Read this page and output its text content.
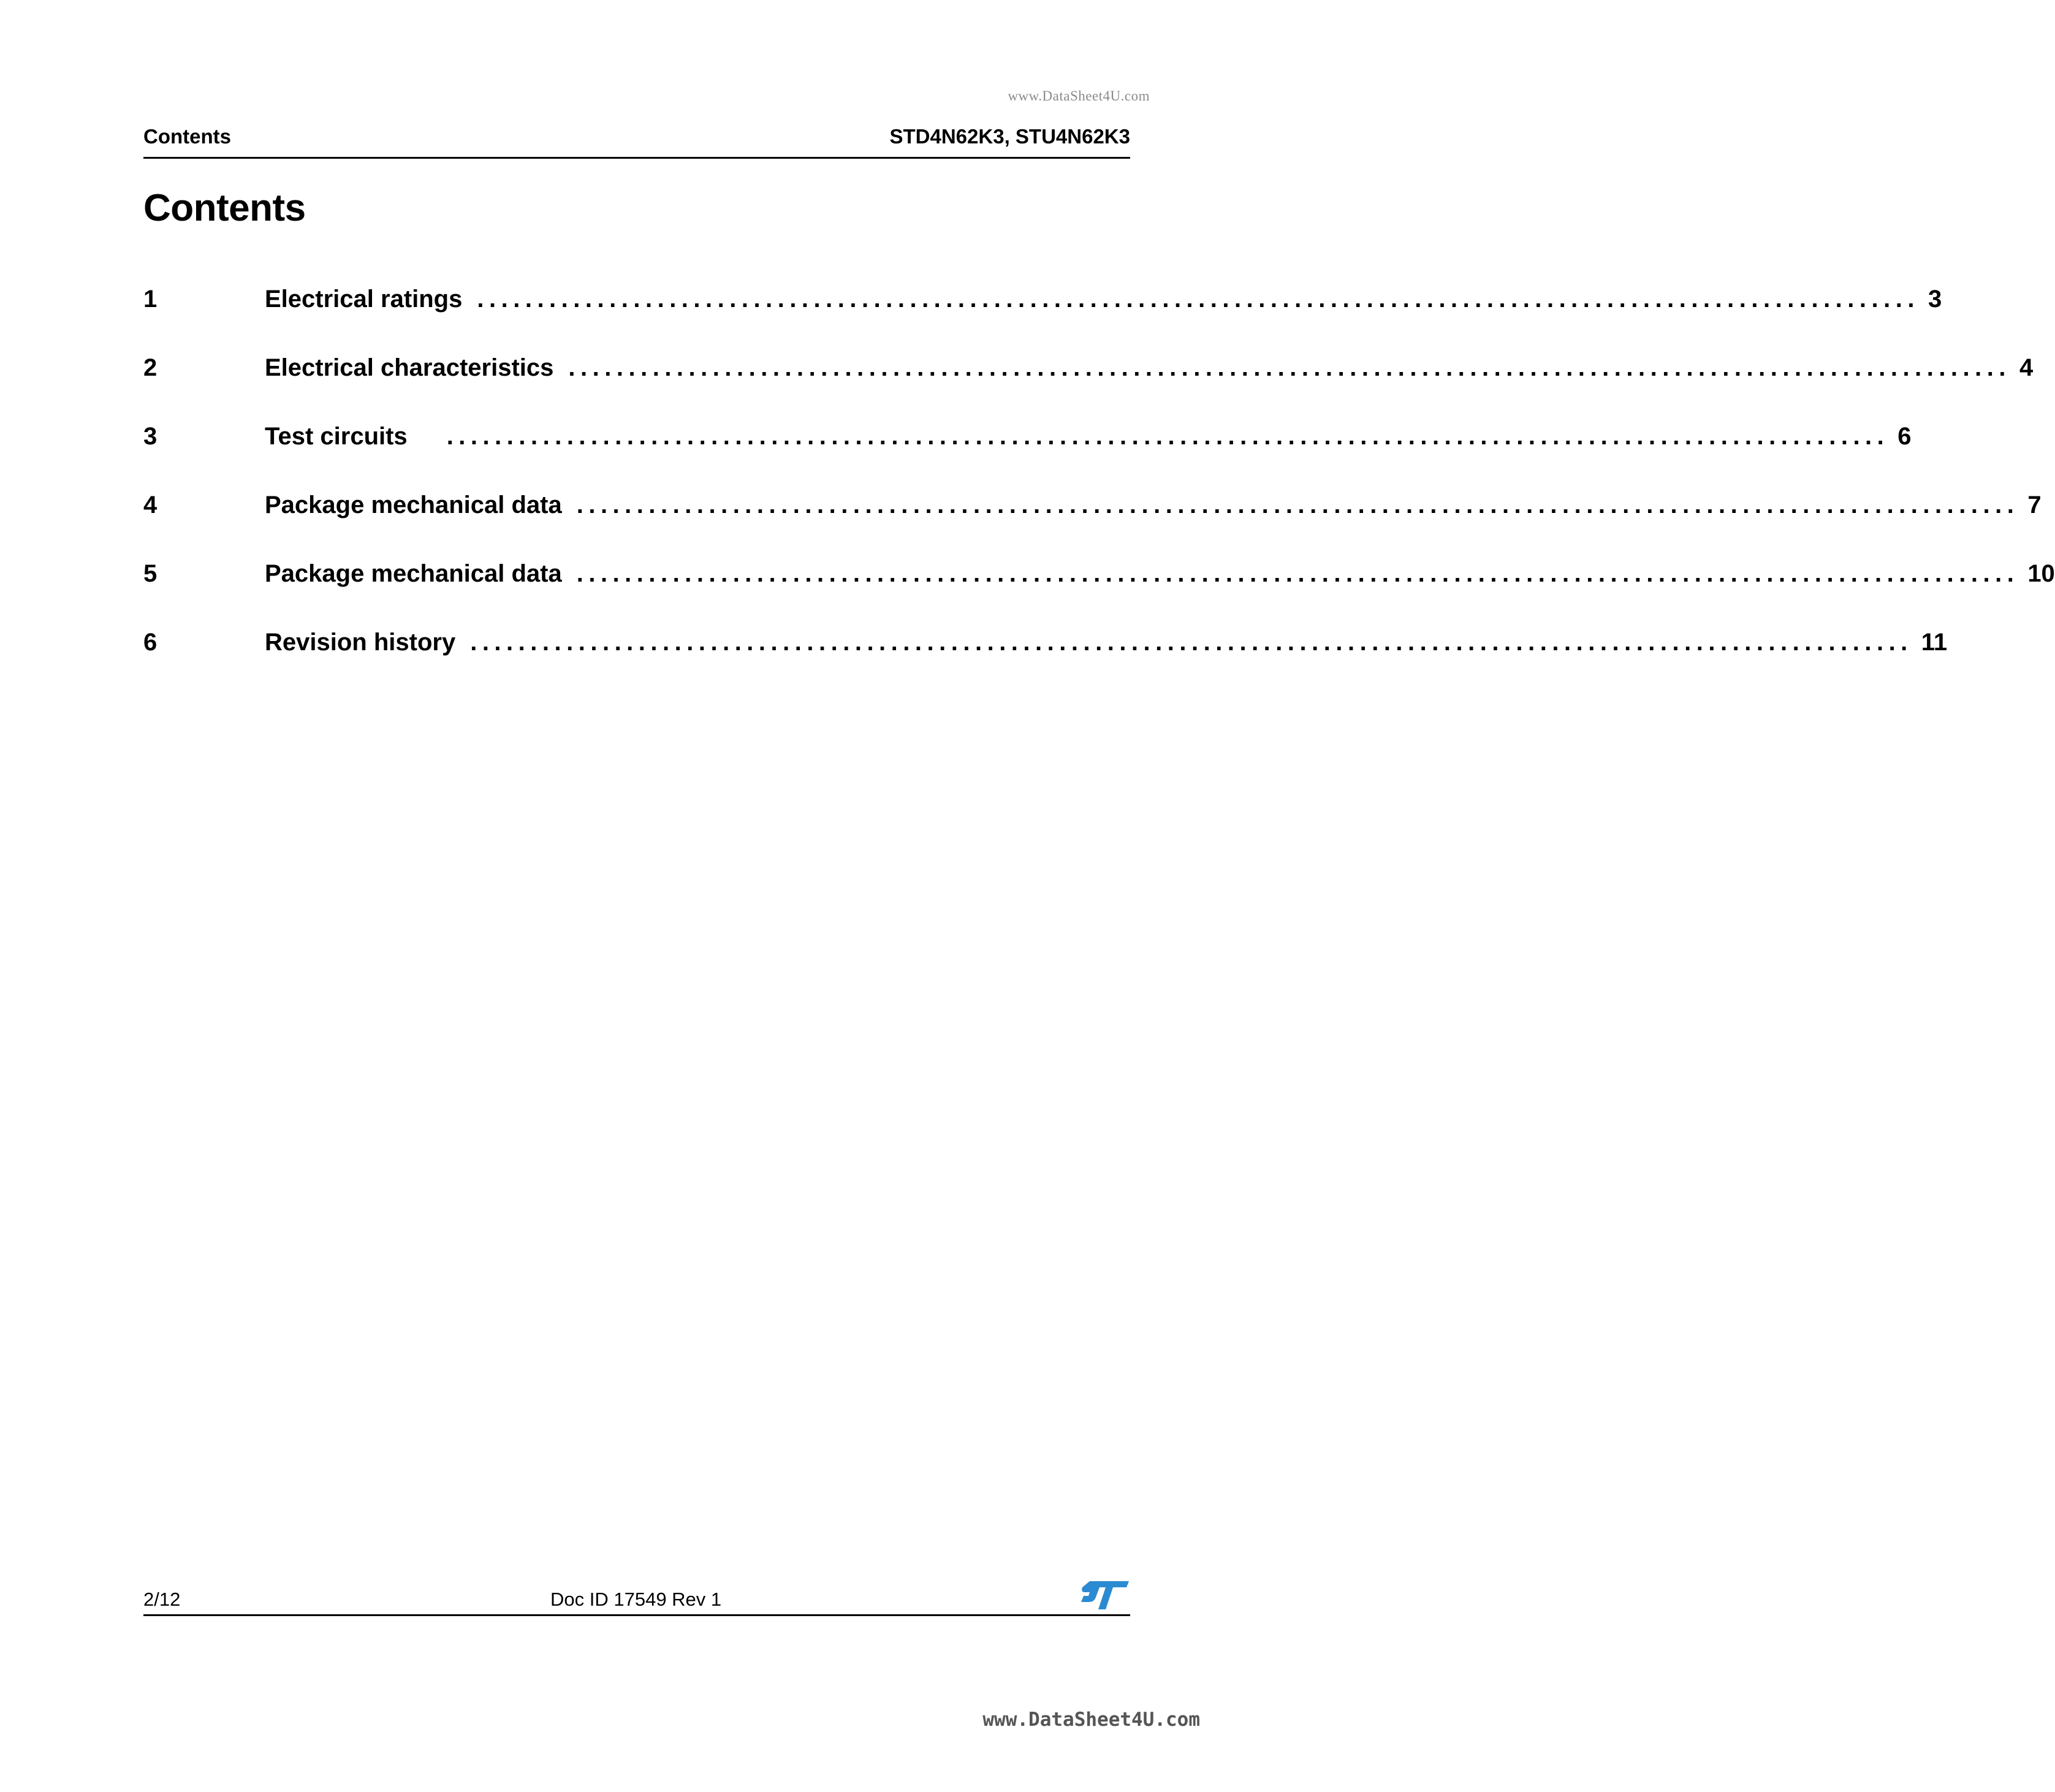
www.DataSheet4U.com
Contents	STD4N62K3, STU4N62K3
Contents
1	Electrical ratings ........................................................................................................................ 3
2	Electrical characteristics ........................................................................................................................ 4
3	Test circuits	........................................................................................................................ 6
4	Package mechanical data ........................................................................................................................ 7
5	Package mechanical data ........................................................................................................................ 10
6	Revision history ........................................................................................................................ 11
2/12	Doc ID 17549 Rev 1
www.DataSheet4U.com
